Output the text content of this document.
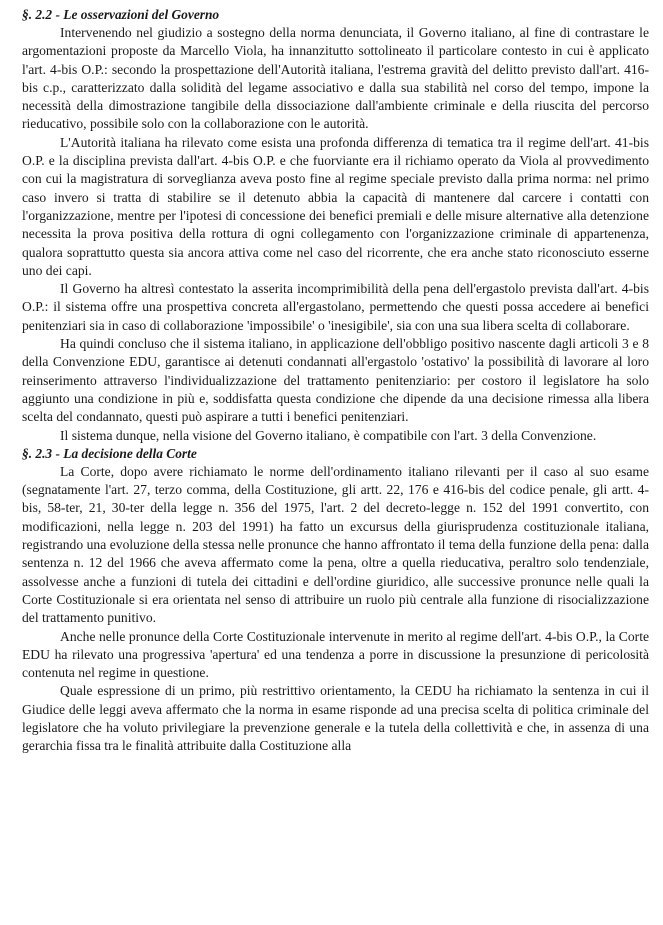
§. 2.2 - Le osservazioni del Governo

Intervenendo nel giudizio a sostegno della norma denunciata, il Governo italiano, al fine di contrastare le argomentazioni proposte da Marcello Viola, ha innanzitutto sottolineato il particolare contesto in cui è applicato l'art. 4-bis O.P.: secondo la prospettazione dell'Autorità italiana, l'estrema gravità del delitto previsto dall'art. 416-bis c.p., caratterizzato dalla solidità del legame associativo e dalla sua stabilità nel corso del tempo, impone la necessità della dimostrazione tangibile della dissociazione dall'ambiente criminale e della riuscita del percorso rieducativo, possibile solo con la collaborazione con le autorità.

L'Autorità italiana ha rilevato come esista una profonda differenza di tematica tra il regime dell'art. 41-bis O.P. e la disciplina prevista dall'art. 4-bis O.P. e che fuorviante era il richiamo operato da Viola al provvedimento con cui la magistratura di sorveglianza aveva posto fine al regime speciale previsto dalla prima norma: nel primo caso invero si tratta di stabilire se il detenuto abbia la capacità di mantenere dal carcere i contatti con l'organizzazione, mentre per l'ipotesi di concessione dei benefici premiali e delle misure alternative alla detenzione necessita la prova positiva della rottura di ogni collegamento con l'organizzazione criminale di appartenenza, qualora soprattutto questa sia ancora attiva come nel caso del ricorrente, che era anche stato riconosciuto esserne uno dei capi.

Il Governo ha altresì contestato la asserita incomprimibilità della pena dell'ergastolo prevista dall'art. 4-bis O.P.: il sistema offre una prospettiva concreta all'ergastolano, permettendo che questi possa accedere ai benefici penitenziari sia in caso di collaborazione 'impossibile' o 'inesigibile', sia con una sua libera scelta di collaborare.

Ha quindi concluso che il sistema italiano, in applicazione dell'obbligo positivo nascente dagli articoli 3 e 8 della Convenzione EDU, garantisce ai detenuti condannati all'ergastolo 'ostativo' la possibilità di lavorare al loro reinserimento attraverso l'individualizzazione del trattamento penitenziario: per costoro il legislatore ha solo aggiunto una condizione in più e, soddisfatta questa condizione che dipende da una decisione rimessa alla libera scelta del condannato, questi può aspirare a tutti i benefici penitenziari.

Il sistema dunque, nella visione del Governo italiano, è compatibile con l'art. 3 della Convenzione.

§. 2.3 - La decisione della Corte

La Corte, dopo avere richiamato le norme dell'ordinamento italiano rilevanti per il caso al suo esame (segnatamente l'art. 27, terzo comma, della Costituzione, gli artt. 22, 176 e 416-bis del codice penale, gli artt. 4-bis, 58-ter, 21, 30-ter della legge n. 356 del 1975, l'art. 2 del decreto-legge n. 152 del 1991 convertito, con modificazioni, nella legge n. 203 del 1991) ha fatto un excursus della giurisprudenza costituzionale italiana, registrando una evoluzione della stessa nelle pronunce che hanno affrontato il tema della funzione della pena: dalla sentenza n. 12 del 1966 che aveva affermato come la pena, oltre a quella rieducativa, peraltro solo tendenziale, assolvesse anche a funzioni di tutela dei cittadini e dell'ordine giuridico, alle successive pronunce nelle quali la Corte Costituzionale si era orientata nel senso di attribuire un ruolo più centrale alla funzione di risocializzazione del trattamento punitivo.

Anche nelle pronunce della Corte Costituzionale intervenute in merito al regime dell'art. 4-bis O.P., la Corte EDU ha rilevato una progressiva 'apertura' ed una tendenza a porre in discussione la presunzione di pericolosità contenuta nel regime in questione.

Quale espressione di un primo, più restrittivo orientamento, la CEDU ha richiamato la sentenza in cui il Giudice delle leggi aveva affermato che la norma in esame risponde ad una precisa scelta di politica criminale del legislatore che ha voluto privilegiare la prevenzione generale e la tutela della collettività e che, in assenza di una gerarchia fissa tra le finalità attribuite dalla Costituzione alla
